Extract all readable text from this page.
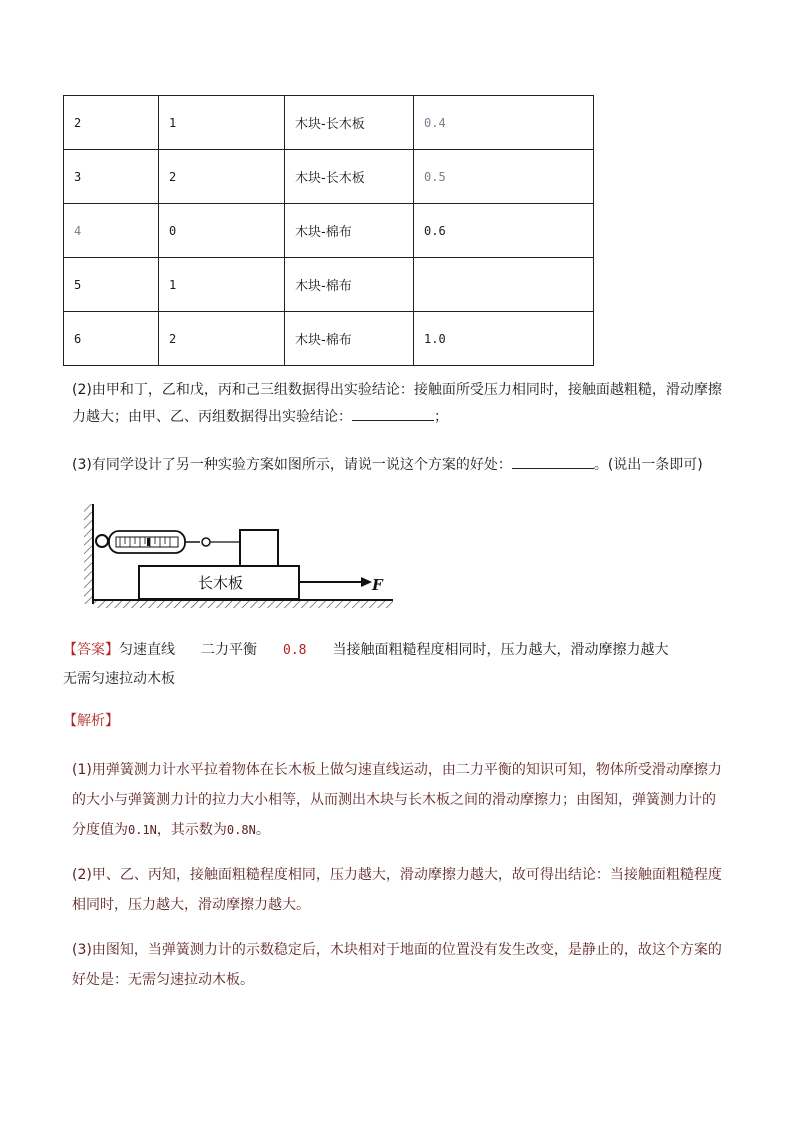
2	1	木块-长木板	0.4
3	2	木块-长木板	0.5
4	0	木块-棉布	0.6
5	1	木块-棉布	
6	2	木块-棉布	1.0
(2)由甲和丁，乙和戊，丙和己三组数据得出实验结论：接触面所受压力相同时，接触面越粗糙，滑动摩擦
力越大；由甲、乙、丙组数据得出实验结论：	；
(3)有同学设计了另一种实验方案如图所示，请说一说这个方案的好处：	。(说出一条即可)
长木板	F
【答案】匀速直线 二力平衡 0.8 当接触面粗糙程度相同时，压力越大，滑动摩擦力越大
无需匀速拉动木板
【解析】
(1)用弹簧测力计水平拉着物体在长木板上做匀速直线运动，由二力平衡的知识可知，物体所受滑动摩擦力
的大小与弹簧测力计的拉力大小相等，从而测出木块与长木板之间的滑动摩擦力；由图知，弹簧测力计的
分度值为0.1N，其示数为0.8N。
(2)甲、乙、丙知，接触面粗糙程度相同，压力越大，滑动摩擦力越大，故可得出结论：当接触面粗糙程度
相同时，压力越大，滑动摩擦力越大。
(3)由图知，当弹簧测力计的示数稳定后，木块相对于地面的位置没有发生改变，是静止的，故这个方案的
好处是：无需匀速拉动木板。
